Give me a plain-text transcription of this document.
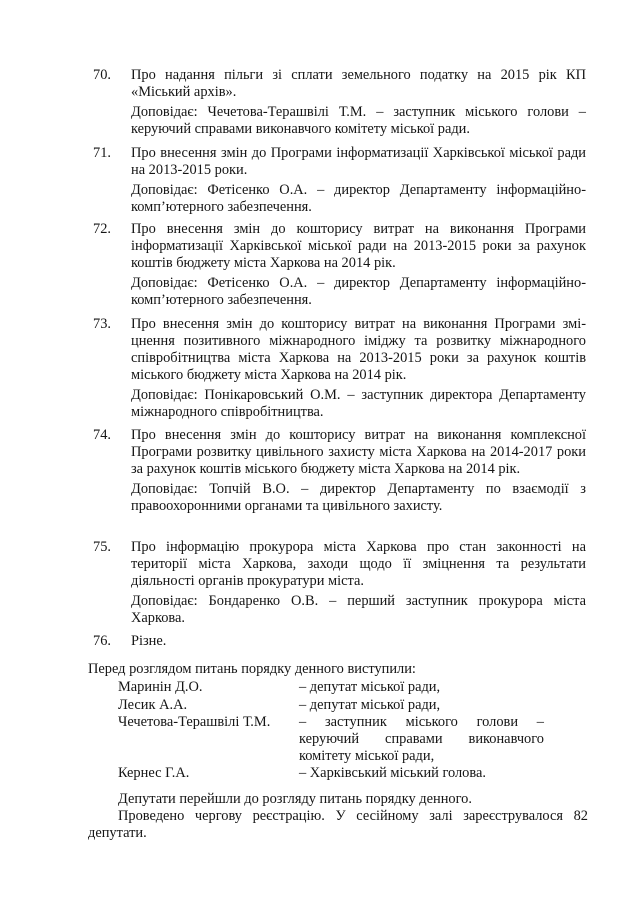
70.	Про надання пільги зі сплати земельного податку на 2015 рік КП «Міський архів».
Доповідає: Чечетова-Терашвілі Т.М. – заступник міського голови – керуючий справами виконавчого комітету міської ради.
71.	Про внесення змін до Програми інформатизації Харківської міської ради на 2013-2015 роки.
Доповідає: Фетісенко О.А. – директор Департаменту інформаційно-комп’ютерного забезпечення.
72.	Про внесення змін до кошторису витрат на виконання Програми інформатизації Харківської міської ради на 2013-2015 роки за рахунок коштів бюджету міста Харкова на 2014 рік.
Доповідає: Фетісенко О.А. – директор Департаменту інформаційно-комп’ютерного забезпечення.
73.	Про внесення змін до кошторису витрат на виконання Програми зміцнення позитивного міжнародного іміджу та розвитку міжнародного співробітництва міста Харкова на 2013-2015 роки за рахунок коштів міського бюджету міста Харкова на 2014 рік.
Доповідає: Понікаровський О.М. – заступник директора Департаменту міжнародного співробітництва.
74.	Про внесення змін до кошторису витрат на виконання комплексної Програми розвитку цивільного захисту міста Харкова на 2014-2017 роки за рахунок коштів міського бюджету міста Харкова на 2014 рік.
Доповідає: Топчій В.О. – директор Департаменту по взаємодії з правоохоронними органами та цивільного захисту.
75.	Про інформацію прокурора міста Харкова про стан законності на території міста Харкова, заходи щодо її зміцнення та результати діяльності органів прокуратури міста.
Доповідає: Бондаренко О.В. – перший заступник прокурора міста Харкова.
76.	Різне.
Перед розглядом питань порядку денного виступили:
Маринін Д.О.	– депутат міської ради,
Лесик А.А.	– депутат міської ради,
Чечетова-Терашвілі Т.М.	– заступник міського голови – керуючий справами виконавчого комітету міської ради,
Кернес Г.А.	– Харківський міський голова.

Депутати перейшли до розгляду питань порядку денного.

Проведено чергову реєстрацію. У сесійному залі зареєструвалося 82 депутати.
